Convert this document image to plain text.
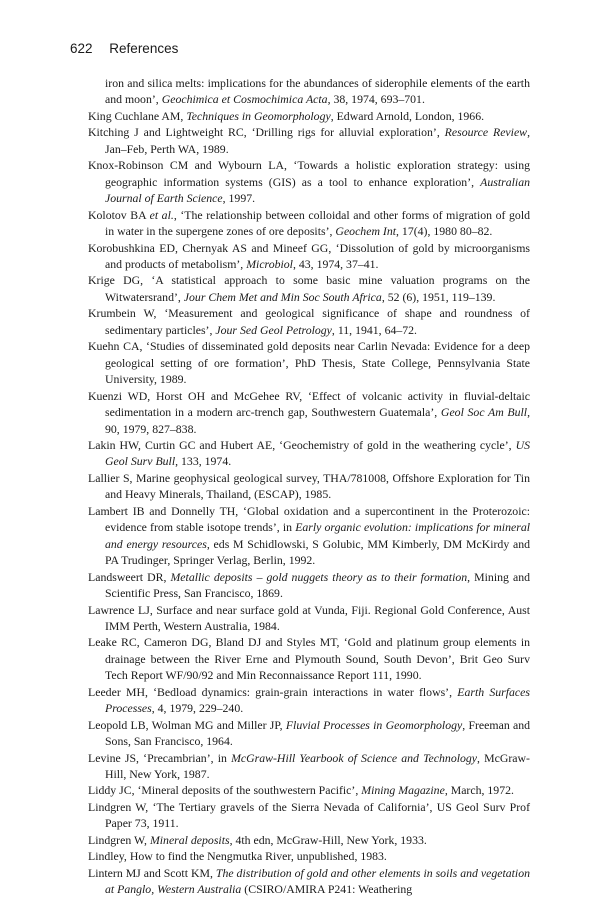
622 References
iron and silica melts: implications for the abundances of siderophile elements of the earth and moon’, Geochimica et Cosmochimica Acta, 38, 1974, 693–701.
King Cuchlane AM, Techniques in Geomorphology, Edward Arnold, London, 1966.
Kitching J and Lightweight RC, ‘Drilling rigs for alluvial exploration’, Resource Review, Jan–Feb, Perth WA, 1989.
Knox-Robinson CM and Wybourn LA, ‘Towards a holistic exploration strategy: using geographic information systems (GIS) as a tool to enhance exploration’, Australian Journal of Earth Science, 1997.
Kolotov BA et al., ‘The relationship between colloidal and other forms of migration of gold in water in the supergene zones of ore deposits’, Geochem Int, 17(4), 1980 80–82.
Korobushkina ED, Chernyak AS and Mineef GG, ‘Dissolution of gold by microorganisms and products of metabolism’, Microbiol, 43, 1974, 37–41.
Krige DG, ‘A statistical approach to some basic mine valuation programs on the Witwatersrand’, Jour Chem Met and Min Soc South Africa, 52 (6), 1951, 119–139.
Krumbein W, ‘Measurement and geological significance of shape and roundness of sedimentary particles’, Jour Sed Geol Petrology, 11, 1941, 64–72.
Kuehn CA, ‘Studies of disseminated gold deposits near Carlin Nevada: Evidence for a deep geological setting of ore formation’, PhD Thesis, State College, Pennsylvania State University, 1989.
Kuenzi WD, Horst OH and McGehee RV, ‘Effect of volcanic activity in fluvial-deltaic sedimentation in a modern arc-trench gap, Southwestern Guatemala’, Geol Soc Am Bull, 90, 1979, 827–838.
Lakin HW, Curtin GC and Hubert AE, ‘Geochemistry of gold in the weathering cycle’, US Geol Surv Bull, 133, 1974.
Lallier S, Marine geophysical geological survey, THA/781008, Offshore Exploration for Tin and Heavy Minerals, Thailand, (ESCAP), 1985.
Lambert IB and Donnelly TH, ‘Global oxidation and a supercontinent in the Proterozoic: evidence from stable isotope trends’, in Early organic evolution: implications for mineral and energy resources, eds M Schidlowski, S Golubic, MM Kimberly, DM McKirdy and PA Trudinger, Springer Verlag, Berlin, 1992.
Landsweert DR, Metallic deposits – gold nuggets theory as to their formation, Mining and Scientific Press, San Francisco, 1869.
Lawrence LJ, Surface and near surface gold at Vunda, Fiji. Regional Gold Conference, Aust IMM Perth, Western Australia, 1984.
Leake RC, Cameron DG, Bland DJ and Styles MT, ‘Gold and platinum group elements in drainage between the River Erne and Plymouth Sound, South Devon’, Brit Geo Surv Tech Report WF/90/92 and Min Reconnaissance Report 111, 1990.
Leeder MH, ‘Bedload dynamics: grain-grain interactions in water flows’, Earth Surfaces Processes, 4, 1979, 229–240.
Leopold LB, Wolman MG and Miller JP, Fluvial Processes in Geomorphology, Freeman and Sons, San Francisco, 1964.
Levine JS, ‘Precambrian’, in McGraw-Hill Yearbook of Science and Technology, McGraw-Hill, New York, 1987.
Liddy JC, ‘Mineral deposits of the southwestern Pacific’, Mining Magazine, March, 1972.
Lindgren W, ‘The Tertiary gravels of the Sierra Nevada of California’, US Geol Surv Prof Paper 73, 1911.
Lindgren W, Mineral deposits, 4th edn, McGraw-Hill, New York, 1933.
Lindley, How to find the Nengmutka River, unpublished, 1983.
Lintern MJ and Scott KM, The distribution of gold and other elements in soils and vegetation at Panglo, Western Australia (CSIRO/AMIRA P241: Weathering
